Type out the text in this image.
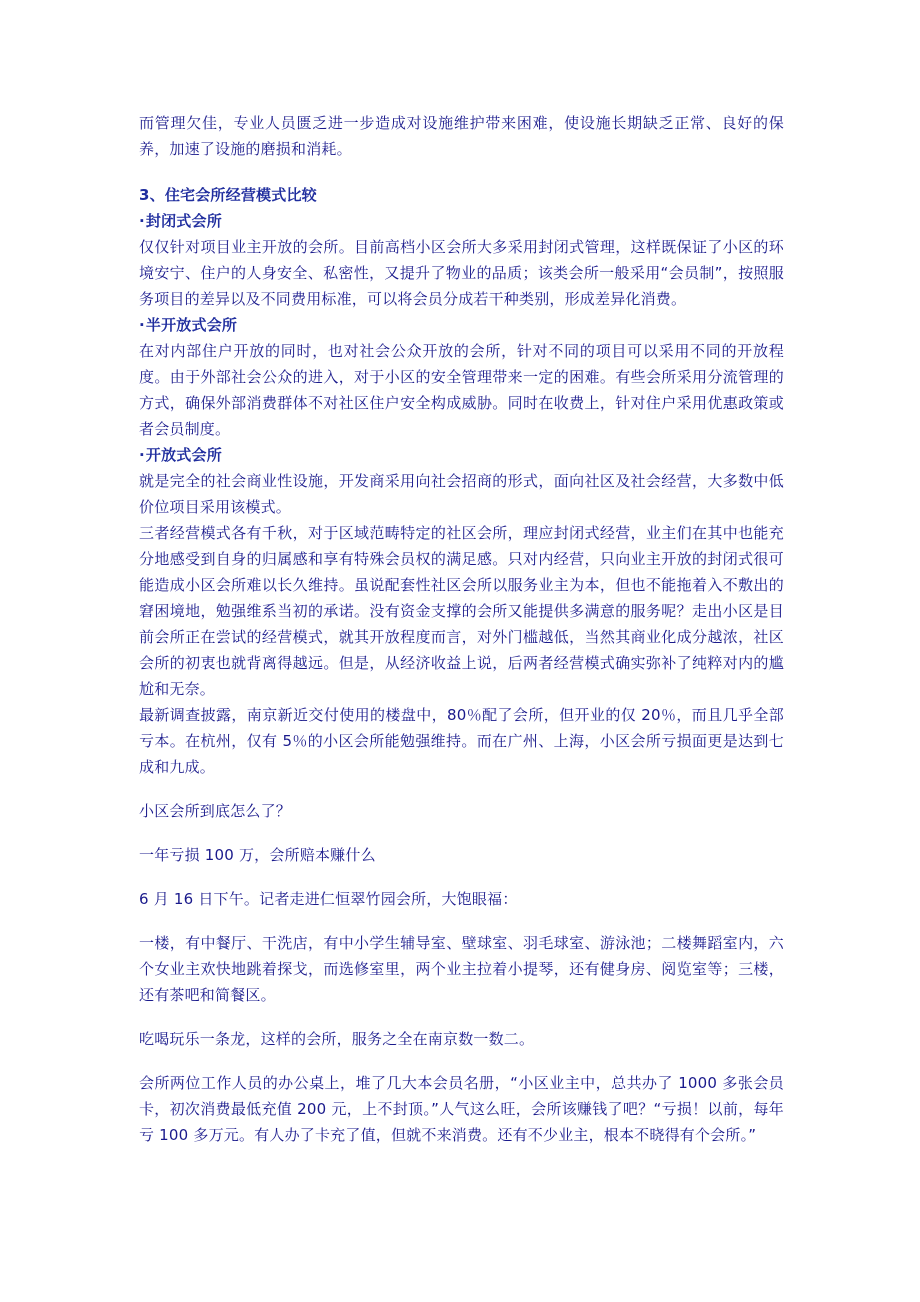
而管理欠佳，专业人员匮乏进一步造成对设施维护带来困难，使设施长期缺乏正常、良好的保养，加速了设施的磨损和消耗。

3、住宅会所经营模式比较

·封闭式会所

仅仅针对项目业主开放的会所。目前高档小区会所大多采用封闭式管理，这样既保证了小区的环境安宁、住户的人身安全、私密性，又提升了物业的品质；该类会所一般采用“会员制”，按照服务项目的差异以及不同费用标准，可以将会员分成若干种类别，形成差异化消费。

·半开放式会所

在对内部住户开放的同时，也对社会公众开放的会所，针对不同的项目可以采用不同的开放程度。由于外部社会公众的进入，对于小区的安全管理带来一定的困难。有些会所采用分流管理的方式，确保外部消费群体不对社区住户安全构成威胁。同时在收费上，针对住户采用优惠政策或者会员制度。

·开放式会所

就是完全的社会商业性设施，开发商采用向社会招商的形式，面向社区及社会经营，大多数中低价位项目采用该模式。

三者经营模式各有千秋，对于区域范畴特定的社区会所，理应封闭式经营，业主们在其中也能充分地感受到自身的归属感和享有特殊会员权的满足感。只对内经营，只向业主开放的封闭式很可能造成小区会所难以长久维持。虽说配套性社区会所以服务业主为本，但也不能拖着入不敷出的窘困境地，勉强维系当初的承诺。没有资金支撑的会所又能提供多满意的服务呢？走出小区是目前会所正在尝试的经营模式，就其开放程度而言，对外门槛越低，当然其商业化成分越浓，社区会所的初衷也就背离得越远。但是，从经济收益上说，后两者经营模式确实弥补了纯粹对内的尴尬和无奈。

最新调查披露，南京新近交付使用的楼盘中，80％配了会所，但开业的仅 20％，而且几乎全部亏本。在杭州，仅有 5％的小区会所能勉强维持。而在广州、上海，小区会所亏损面更是达到七成和九成。

小区会所到底怎么了？

一年亏损 100 万，会所赔本赚什么

6 月 16 日下午。记者走进仁恒翠竹园会所，大饱眼福：

一楼，有中餐厅、干洗店，有中小学生辅导室、壁球室、羽毛球室、游泳池；二楼舞蹈室内，六个女业主欢快地跳着探戈，而选修室里，两个业主拉着小提琴，还有健身房、阅览室等；三楼，还有茶吧和简餐区。

吃喝玩乐一条龙，这样的会所，服务之全在南京数一数二。

会所两位工作人员的办公桌上，堆了几大本会员名册，“小区业主中，总共办了 1000 多张会员卡，初次消费最低充值 200 元，上不封顶。”人气这么旺，会所该赚钱了吧？“亏损！以前，每年亏 100 多万元。有人办了卡充了值，但就不来消费。还有不少业主，根本不晓得有个会所。”
